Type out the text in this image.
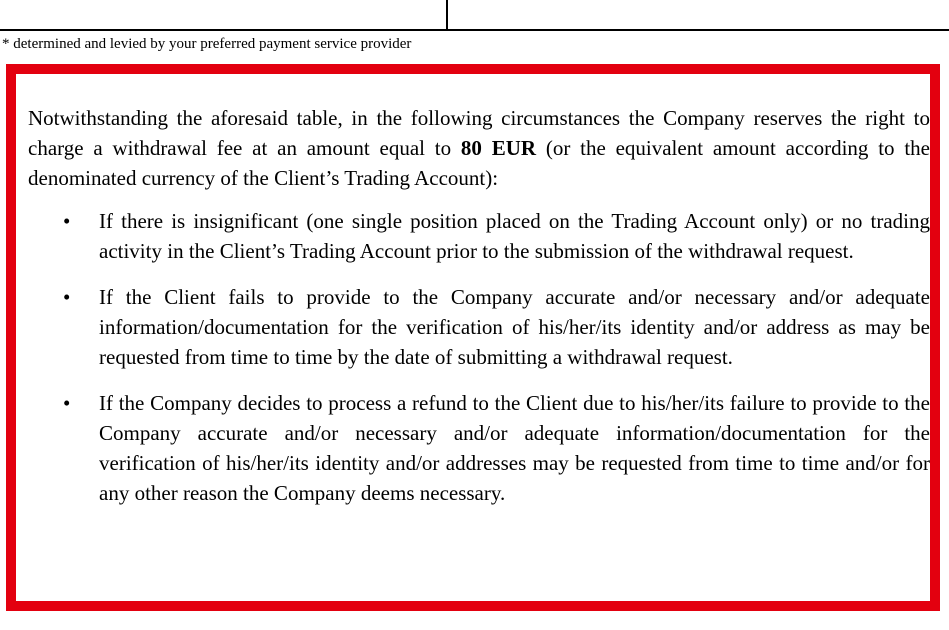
* determined and levied by your preferred payment service provider

Notwithstanding the aforesaid table, in the following circumstances the Company reserves the right to charge a withdrawal fee at an amount equal to 80 EUR (or the equivalent amount according to the denominated currency of the Client’s Trading Account):

• If there is insignificant (one single position placed on the Trading Account only) or no trading activity in the Client’s Trading Account prior to the submission of the withdrawal request.
• If the Client fails to provide to the Company accurate and/or necessary and/or adequate information/documentation for the verification of his/her/its identity and/or address as may be requested from time to time by the date of submitting a withdrawal request.
• If the Company decides to process a refund to the Client due to his/her/its failure to provide to the Company accurate and/or necessary and/or adequate information/documentation for the verification of his/her/its identity and/or addresses may be requested from time to time and/or for any other reason the Company deems necessary.
